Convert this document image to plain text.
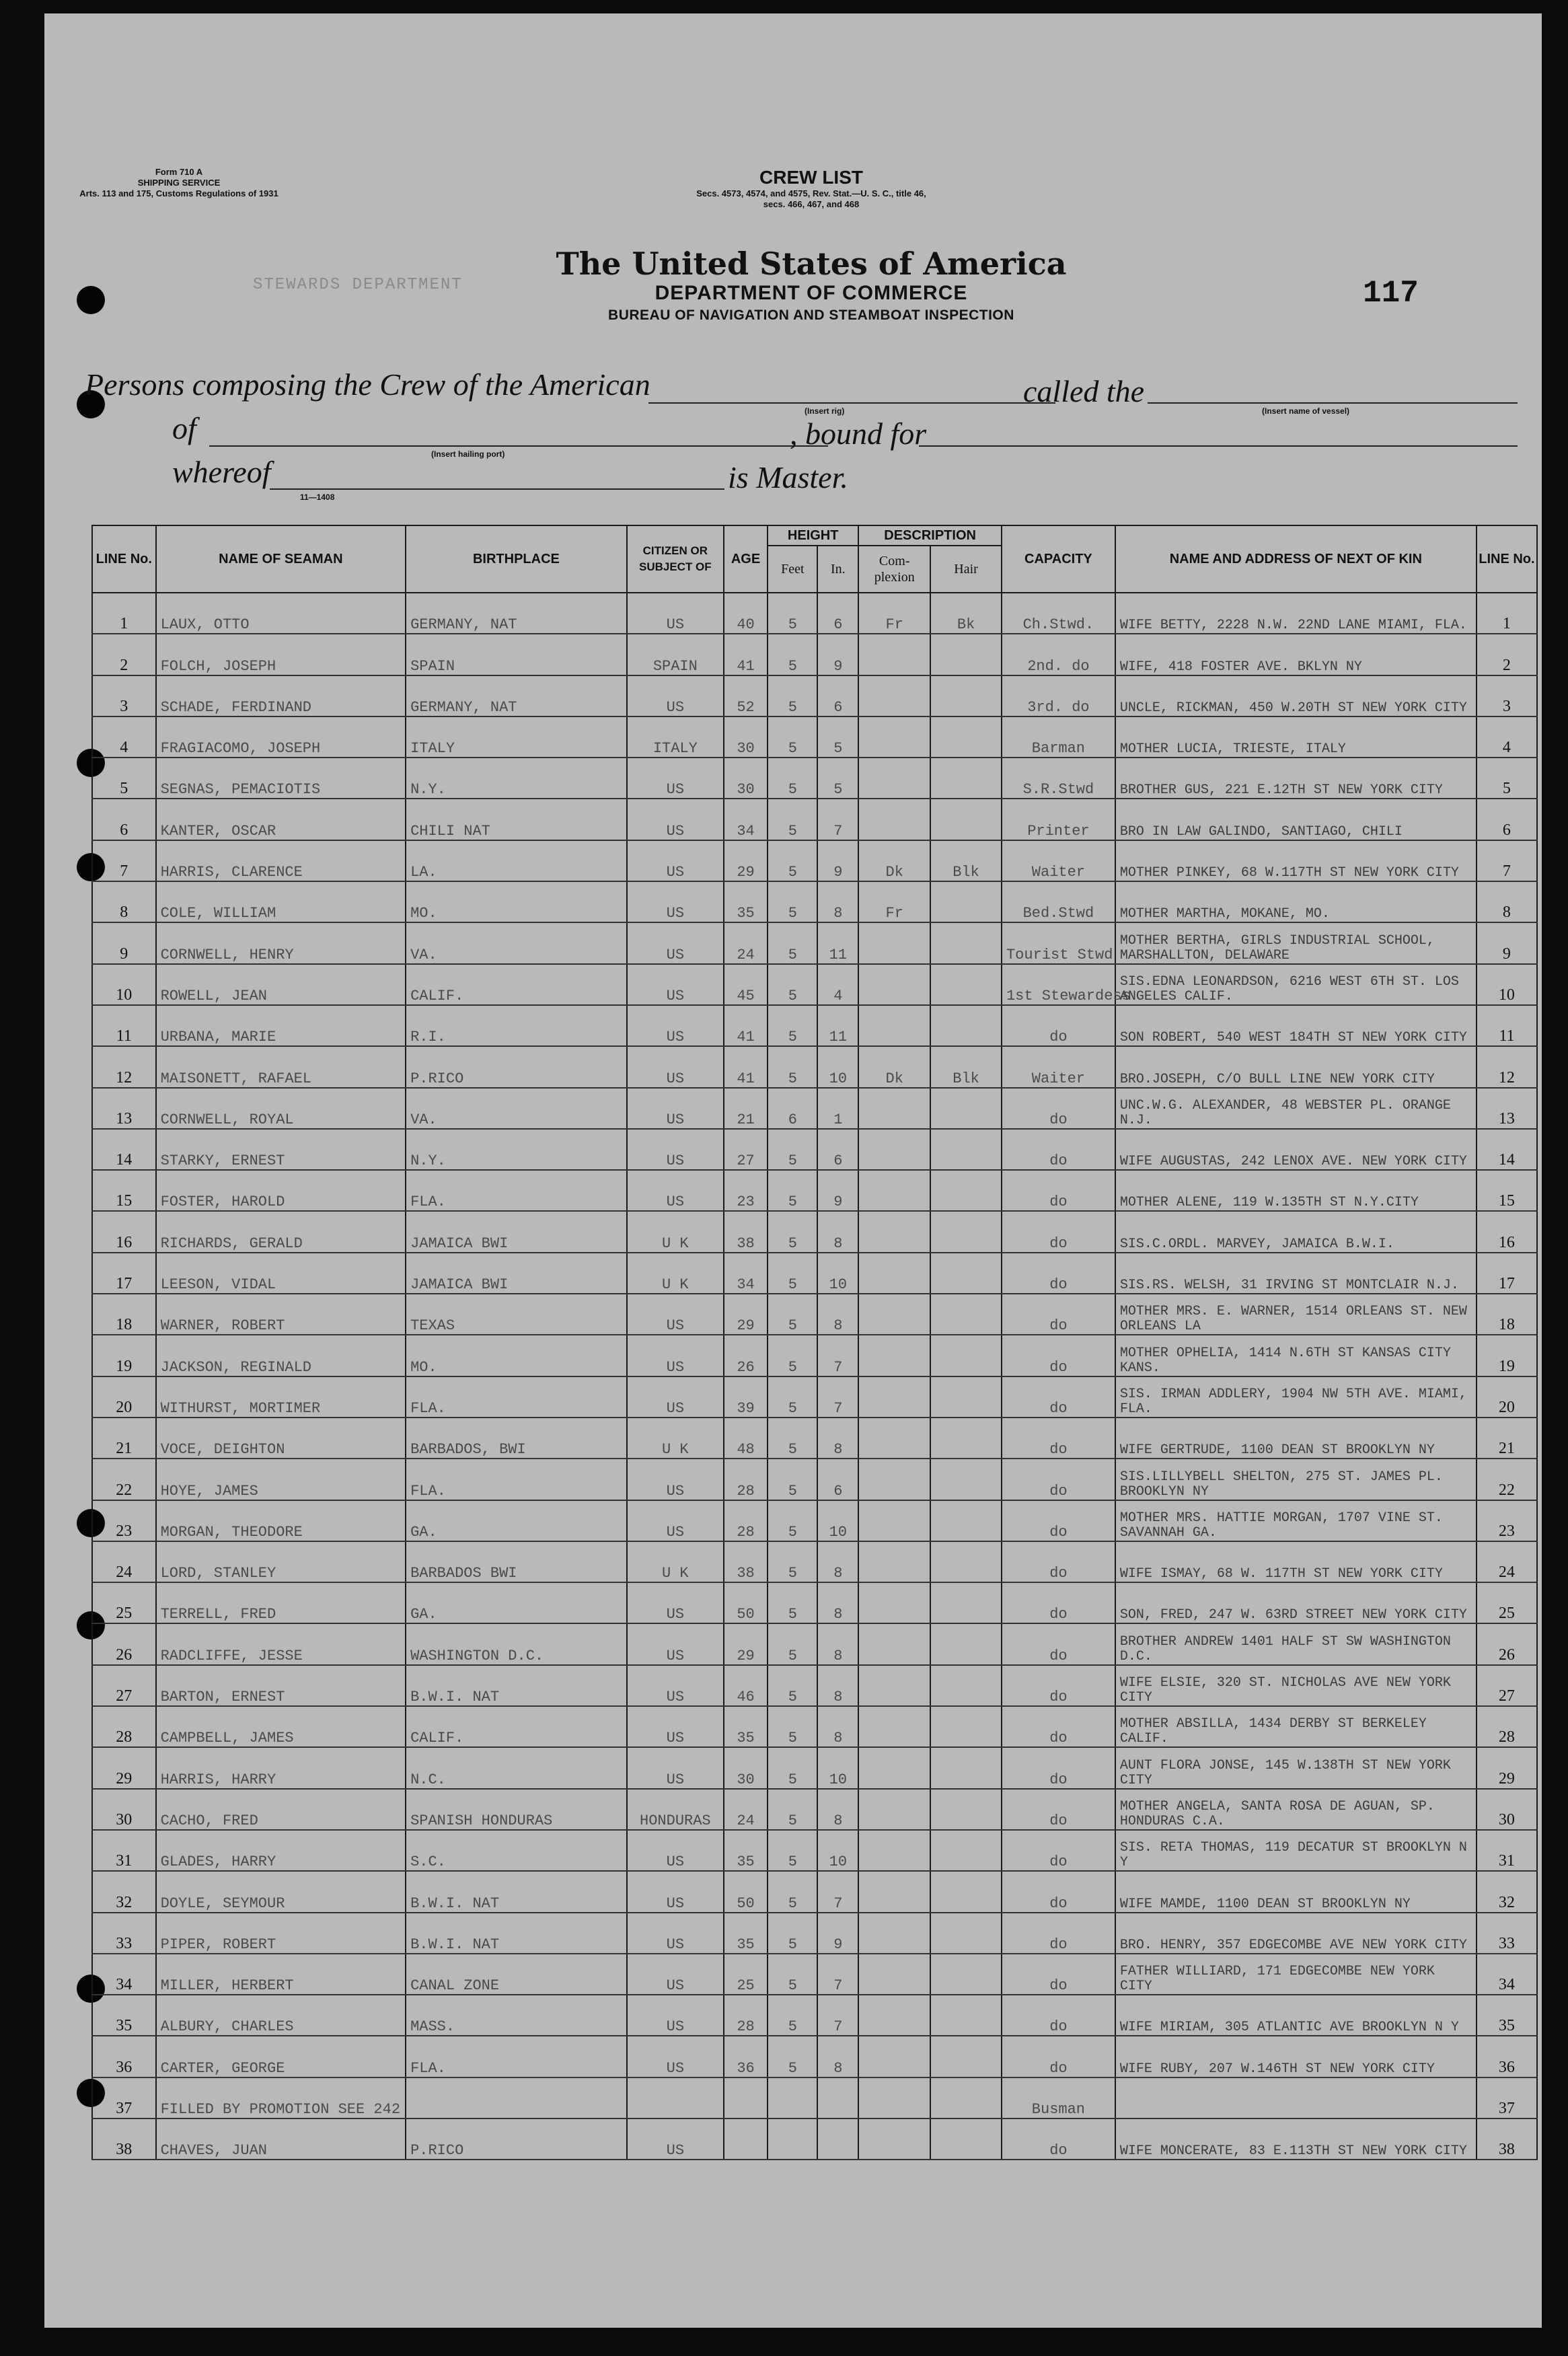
Form 710 A
SHIPPING SERVICE
Arts. 113 and 175, Customs Regulations of 1931
CREW LIST
Secs. 4573, 4574, and 4575, Rev. Stat.—U. S. C., title 46,
secs. 466, 467, and 468
STEWARDS DEPARTMENT
The United States of America
DEPARTMENT OF COMMERCE
BUREAU OF NAVIGATION AND STEAMBOAT INSPECTION
117
Persons composing the Crew of the American
(Insert rig)
called the
(Insert name of vessel)
of
(Insert hailing port)
, bound for
whereof
11—1408
is Master.
LINE No.	NAME OF SEAMAN	BIRTHPLACE	CITIZEN OR SUBJECT OF	AGE	HEIGHT		DESCRIPTION		CAPACITY	NAME AND ADDRESS OF NEXT OF KIN	LINE No.
					Feet	In.	Com-plexion	Hair			
1	LAUX, OTTO	GERMANY, NAT	US	40	5	6	Fr	Bk	Ch.Stwd.	WIFE BETTY, 2228 N.W. 22ND LANE MIAMI, FLA.	1
2	FOLCH, JOSEPH	SPAIN	SPAIN	41	5	9			2nd. do	WIFE, 418 FOSTER AVE. BKLYN NY	2
3	SCHADE, FERDINAND	GERMANY, NAT	US	52	5	6			3rd. do	UNCLE, RICKMAN, 450 W.20TH ST NEW YORK CITY	3
4	FRAGIACOMO, JOSEPH	ITALY	ITALY	30	5	5			Barman	MOTHER LUCIA, TRIESTE, ITALY	4
5	SEGNAS, PEMACIOTIS	N.Y.	US	30	5	5			S.R.Stwd	BROTHER GUS, 221 E.12TH ST NEW YORK CITY	5
6	KANTER, OSCAR	CHILI NAT	US	34	5	7			Printer	BRO IN LAW GALINDO, SANTIAGO, CHILI	6
7	HARRIS, CLARENCE	LA.	US	29	5	9	Dk	Blk	Waiter	MOTHER PINKEY, 68 W.117TH ST NEW YORK CITY	7
8	COLE, WILLIAM	MO.	US	35	5	8	Fr		Bed.Stwd	MOTHER MARTHA, MOKANE, MO.	8
9	CORNWELL, HENRY	VA.	US	24	5	11			Tourist Stwd	MOTHER BERTHA, GIRLS INDUSTRIAL SCHOOL, MARSHALLTON, DELAWARE	9
10	ROWELL, JEAN	CALIF.	US	45	5	4			1st Stewardess	SIS.EDNA LEONARDSON, 6216 WEST 6TH ST. LOS ANGELES CALIF.	10
11	URBANA, MARIE	R.I.	US	41	5	11			do	SON ROBERT, 540 WEST 184TH ST NEW YORK CITY	11
12	MAISONETT, RAFAEL	P.RICO	US	41	5	10	Dk	Blk	Waiter	BRO.JOSEPH, C/O BULL LINE NEW YORK CITY	12
13	CORNWELL, ROYAL	VA.	US	21	6	1			do	UNC.W.G. ALEXANDER, 48 WEBSTER PL. ORANGE N.J.	13
14	STARKY, ERNEST	N.Y.	US	27	5	6			do	WIFE AUGUSTAS, 242 LENOX AVE. NEW YORK CITY	14
15	FOSTER, HAROLD	FLA.	US	23	5	9			do	MOTHER ALENE, 119 W.135TH ST N.Y.CITY	15
16	RICHARDS, GERALD	JAMAICA BWI	U K	38	5	8			do	SIS.C.ORDL. MARVEY, JAMAICA B.W.I.	16
17	LEESON, VIDAL	JAMAICA BWI	U K	34	5	10			do	SIS.RS. WELSH, 31 IRVING ST MONTCLAIR N.J.	17
18	WARNER, ROBERT	TEXAS	US	29	5	8			do	MOTHER MRS. E. WARNER, 1514 ORLEANS ST. NEW ORLEANS LA	18
19	JACKSON, REGINALD	MO.	US	26	5	7			do	MOTHER OPHELIA, 1414 N.6TH ST KANSAS CITY KANS.	19
20	WITHURST, MORTIMER	FLA.	US	39	5	7			do	SIS. IRMAN ADDLERY, 1904 NW 5TH AVE. MIAMI, FLA.	20
21	VOCE, DEIGHTON	BARBADOS, BWI	U K	48	5	8			do	WIFE GERTRUDE, 1100 DEAN ST BROOKLYN NY	21
22	HOYE, JAMES	FLA.	US	28	5	6			do	SIS.LILLYBELL SHELTON, 275 ST. JAMES PL. BROOKLYN NY	22
23	MORGAN, THEODORE	GA.	US	28	5	10			do	MOTHER MRS. HATTIE MORGAN, 1707 VINE ST. SAVANNAH GA.	23
24	LORD, STANLEY	BARBADOS BWI	U K	38	5	8			do	WIFE ISMAY, 68 W. 117TH ST NEW YORK CITY	24
25	TERRELL, FRED	GA.	US	50	5	8			do	SON, FRED, 247 W. 63RD STREET NEW YORK CITY	25
26	RADCLIFFE, JESSE	WASHINGTON D.C.	US	29	5	8			do	BROTHER ANDREW 1401 HALF ST SW WASHINGTON D.C.	26
27	BARTON, ERNEST	B.W.I. NAT	US	46	5	8			do	WIFE ELSIE, 320 ST. NICHOLAS AVE NEW YORK CITY	27
28	CAMPBELL, JAMES	CALIF.	US	35	5	8			do	MOTHER ABSILLA, 1434 DERBY ST BERKELEY CALIF.	28
29	HARRIS, HARRY	N.C.	US	30	5	10			do	AUNT FLORA JONSE, 145 W.138TH ST NEW YORK CITY	29
30	CACHO, FRED	SPANISH HONDURAS	HONDURAS	24	5	8			do	MOTHER ANGELA, SANTA ROSA DE AGUAN, SP. HONDURAS C.A.	30
31	GLADES, HARRY	S.C.	US	35	5	10			do	SIS. RETA THOMAS, 119 DECATUR ST BROOKLYN N Y	31
32	DOYLE, SEYMOUR	B.W.I. NAT	US	50	5	7			do	WIFE MAMDE, 1100 DEAN ST BROOKLYN NY	32
33	PIPER, ROBERT	B.W.I. NAT	US	35	5	9			do	BRO. HENRY, 357 EDGECOMBE AVE NEW YORK CITY	33
34	MILLER, HERBERT	CANAL ZONE	US	25	5	7			do	FATHER WILLIARD, 171 EDGECOMBE NEW YORK CITY	34
35	ALBURY, CHARLES	MASS.	US	28	5	7			do	WIFE MIRIAM, 305 ATLANTIC AVE BROOKLYN N Y	35
36	CARTER, GEORGE	FLA.	US	36	5	8			do	WIFE RUBY, 207 W.146TH ST NEW YORK CITY	36
37	FILLED BY PROMOTION SEE 242								Busman		37
38	CHAVES, JUAN	P.RICO	US						do	WIFE MONCERATE, 83 E.113TH ST NEW YORK CITY	38
